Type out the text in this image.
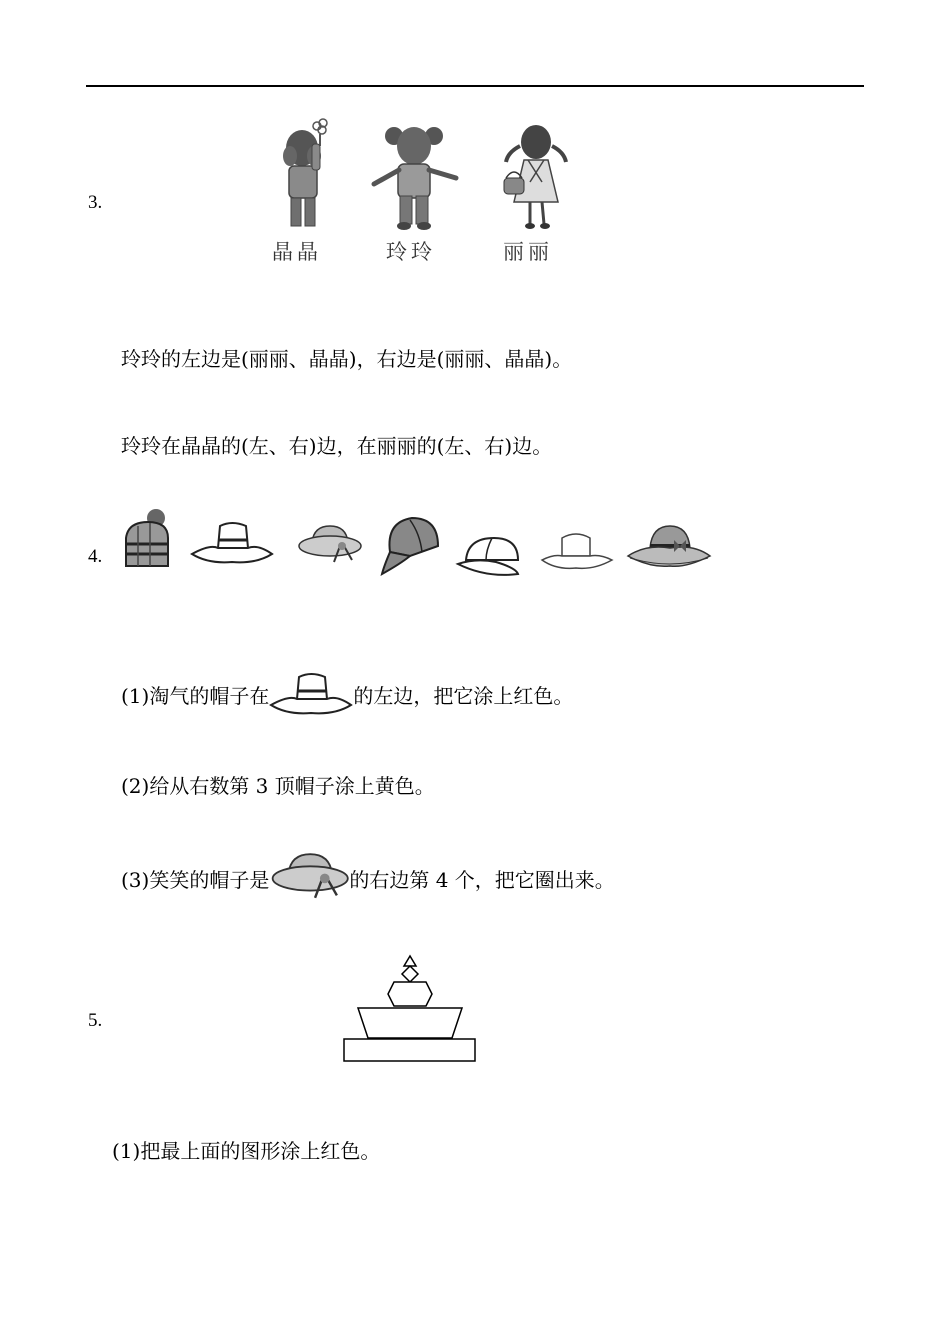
3.
晶晶	玲玲	丽丽
玲玲的左边是(丽丽、晶晶)，右边是(丽丽、晶晶)。
玲玲在晶晶的(左、右)边，在丽丽的(左、右)边。
4.
(1)淘气的帽子在	的左边，把它涂上红色。
(2)给从右数第 3 顶帽子涂上黄色。
(3)笑笑的帽子是	的右边第 4 个，把它圈出来。
5.
(1)把最上面的图形涂上红色。
